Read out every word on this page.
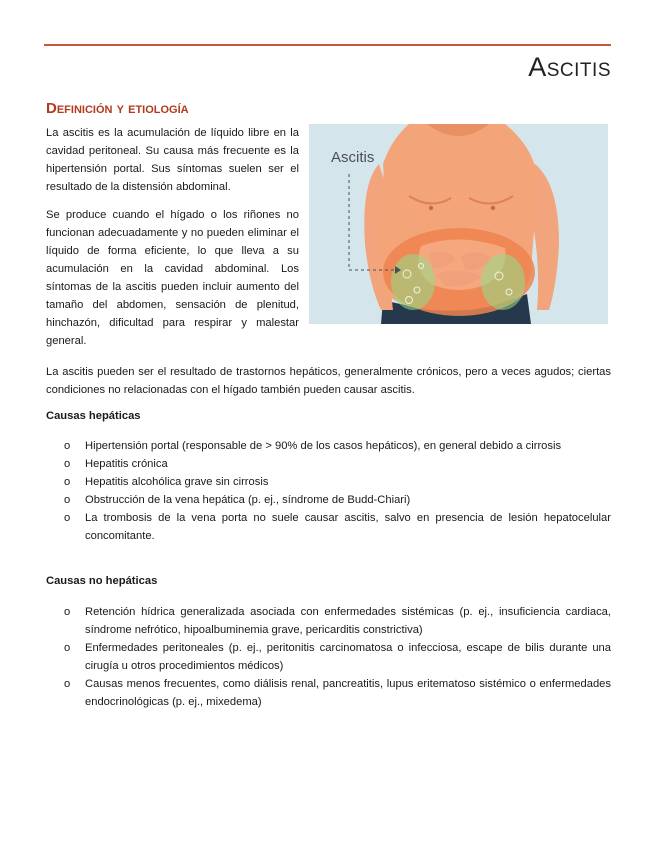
Ascitis
Definición y etiología

La ascitis es la acumulación de líquido libre en la cavidad peritoneal. Su causa más frecuente es la hipertensión portal. Sus síntomas suelen ser el resultado de la distensión abdominal.

Se produce cuando el hígado o los riñones no funcionan adecuadamente y no pueden eliminar el líquido de forma eficiente, lo que lleva a su acumulación en la cavidad abdominal. Los síntomas de la ascitis pueden incluir aumento del tamaño del abdomen, sensación de plenitud, hinchazón, dificultad para respirar y malestar general.

Ascitis

La ascitis pueden ser el resultado de trastornos hepáticos, generalmente crónicos, pero a veces agudos; ciertas condiciones no relacionadas con el hígado también pueden causar ascitis.

Causas hepáticas
o Hipertensión portal (responsable de > 90% de los casos hepáticos), en general debido a cirrosis
o Hepatitis crónica
o Hepatitis alcohólica grave sin cirrosis
o Obstrucción de la vena hepática (p. ej., síndrome de Budd-Chiari)
o La trombosis de la vena porta no suele causar ascitis, salvo en presencia de lesión hepatocelular concomitante.
Causas no hepáticas
o Retención hídrica generalizada asociada con enfermedades sistémicas (p. ej., insuficiencia cardiaca, síndrome nefrótico, hipoalbuminemia grave, pericarditis constrictiva)
o Enfermedades peritoneales (p. ej., peritonitis carcinomatosa o infecciosa, escape de bilis durante una cirugía u otros procedimientos médicos)
o Causas menos frecuentes, como diálisis renal, pancreatitis, lupus eritematoso sistémico o enfermedades endocrinológicas (p. ej., mixedema)
